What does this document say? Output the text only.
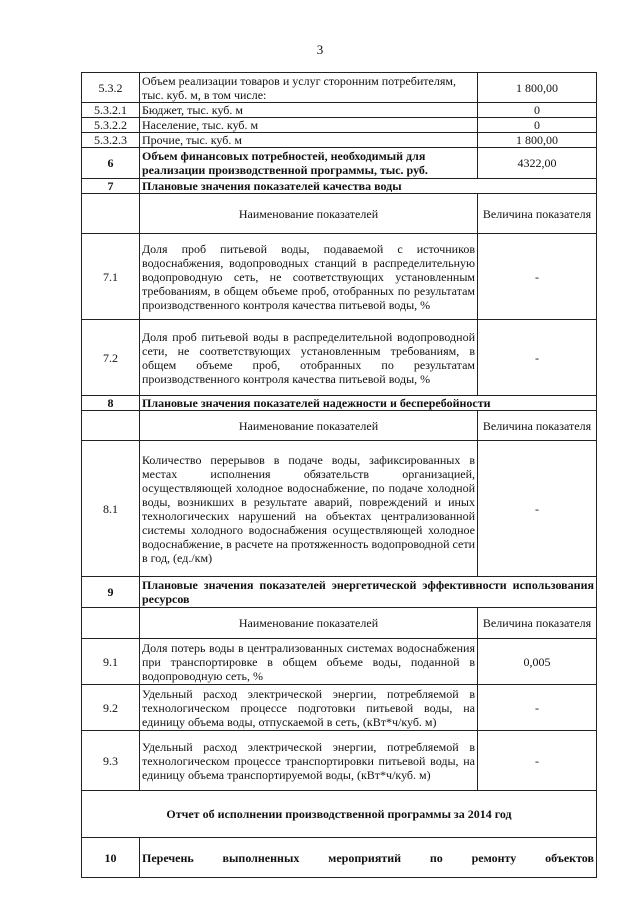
3
5.3.2	Объем реализации товаров и услуг сторонним потребителям, тыс. куб. м, в том числе:	1 800,00
5.3.2.1	Бюджет, тыс. куб. м	0
5.3.2.2	Население, тыс. куб. м	0
5.3.2.3	Прочие, тыс. куб. м	1 800,00
6	Объем финансовых потребностей, необходимый для реализации производственной программы, тыс. руб.	4322,00
7	Плановые значения показателей качества воды	
	Наименование показателей	Величина показателя
7.1	Доля проб питьевой воды, подаваемой с источников водоснабжения, водопроводных станций в распределительную водопроводную сеть, не соответствующих установленным требованиям, в общем объеме проб, отобранных по результатам производственного контроля качества питьевой воды, %	-
7.2	Доля проб питьевой воды в распределительной водопроводной сети, не соответствующих установленным требованиям, в общем объеме проб, отобранных по результатам производственного контроля качества питьевой воды, %	-
8	Плановые значения показателей надежности и бесперебойности	
	Наименование показателей	Величина показателя
8.1	Количество перерывов в подаче воды, зафиксированных в местах исполнения обязательств организацией, осуществляющей холодное водоснабжение, по подаче холодной воды, возникших в результате аварий, повреждений и иных технологических нарушений на объектах централизованной системы холодного водоснабжения осуществляющей холодное водоснабжение, в расчете на протяженность водопроводной сети в год, (ед./км)	-
9	Плановые значения показателей энергетической эффективности использования ресурсов	
	Наименование показателей	Величина показателя
9.1	Доля потерь воды в централизованных системах водоснабжения при транспортировке в общем объеме воды, поданной в водопроводную сеть, %	0,005
9.2	Удельный расход электрической энергии, потребляемой в технологическом процессе подготовки питьевой воды, на единицу объема воды, отпускаемой в сеть, (кВт*ч/куб. м)	-
9.3	Удельный расход электрической энергии, потребляемой в технологическом процессе транспортировки питьевой воды, на единицу объема транспортируемой воды, (кВт*ч/куб. м)	-
Отчет об исполнении производственной программы за 2014 год		
10	Перечень выполненных мероприятий по ремонту объектов	
